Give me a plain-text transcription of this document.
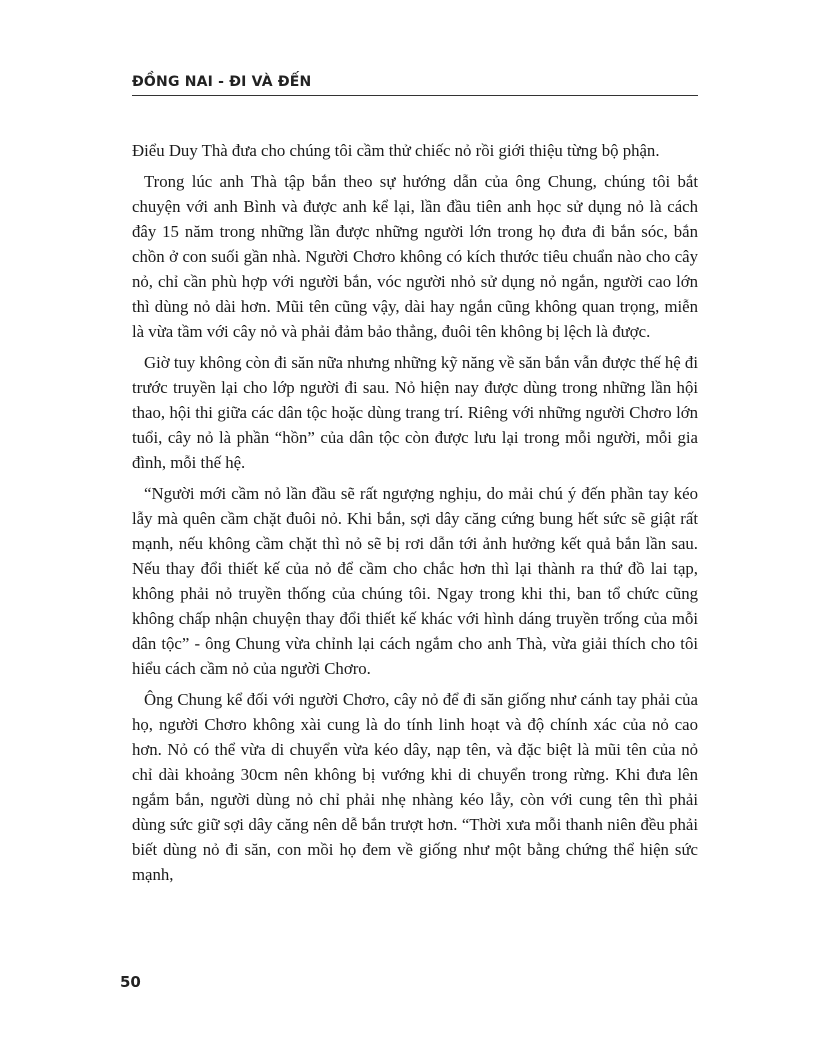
ĐỒNG NAI - ĐI VÀ ĐẾN

Điểu Duy Thà đưa cho chúng tôi cầm thử chiếc nỏ rồi giới thiệu từng bộ phận.

Trong lúc anh Thà tập bắn theo sự hướng dẫn của ông Chung, chúng tôi bắt chuyện với anh Bình và được anh kể lại, lần đầu tiên anh học sử dụng nỏ là cách đây 15 năm trong những lần được những người lớn trong họ đưa đi bắn sóc, bắn chồn ở con suối gần nhà. Người Chơro không có kích thước tiêu chuẩn nào cho cây nỏ, chỉ cần phù hợp với người bắn, vóc người nhỏ sử dụng nỏ ngắn, người cao lớn thì dùng nỏ dài hơn. Mũi tên cũng vậy, dài hay ngắn cũng không quan trọng, miễn là vừa tầm với cây nỏ và phải đảm bảo thẳng, đuôi tên không bị lệch là được.

Giờ tuy không còn đi săn nữa nhưng những kỹ năng về săn bắn vẫn được thế hệ đi trước truyền lại cho lớp người đi sau. Nỏ hiện nay được dùng trong những lần hội thao, hội thi giữa các dân tộc hoặc dùng trang trí. Riêng với những người Chơro lớn tuổi, cây nỏ là phần “hồn” của dân tộc còn được lưu lại trong mỗi người, mỗi gia đình, mỗi thế hệ.

“Người mới cầm nỏ lần đầu sẽ rất ngượng nghịu, do mải chú ý đến phần tay kéo lẫy mà quên cầm chặt đuôi nỏ. Khi bắn, sợi dây căng cứng bung hết sức sẽ giật rất mạnh, nếu không cầm chặt thì nỏ sẽ bị rơi dẫn tới ảnh hưởng kết quả bắn lần sau. Nếu thay đổi thiết kế của nỏ để cầm cho chắc hơn thì lại thành ra thứ đồ lai tạp, không phải nỏ truyền thống của chúng tôi. Ngay trong khi thi, ban tổ chức cũng không chấp nhận chuyện thay đổi thiết kế khác với hình dáng truyền trống của mỗi dân tộc” - ông Chung vừa chỉnh lại cách ngắm cho anh Thà, vừa giải thích cho tôi hiểu cách cầm nỏ của người Chơro.

Ông Chung kể đối với người Chơro, cây nỏ để đi săn giống như cánh tay phải của họ, người Chơro không xài cung là do tính linh hoạt và độ chính xác của nỏ cao hơn. Nỏ có thể vừa di chuyển vừa kéo dây, nạp tên, và đặc biệt là mũi tên của nỏ chỉ dài khoảng 30cm nên không bị vướng khi di chuyển trong rừng. Khi đưa lên ngắm bắn, người dùng nỏ chỉ phải nhẹ nhàng kéo lẫy, còn với cung tên thì phải dùng sức giữ sợi dây căng nên dễ bắn trượt hơn. “Thời xưa mỗi thanh niên đều phải biết dùng nỏ đi săn, con mồi họ đem về giống như một bằng chứng thể hiện sức mạnh,

50
